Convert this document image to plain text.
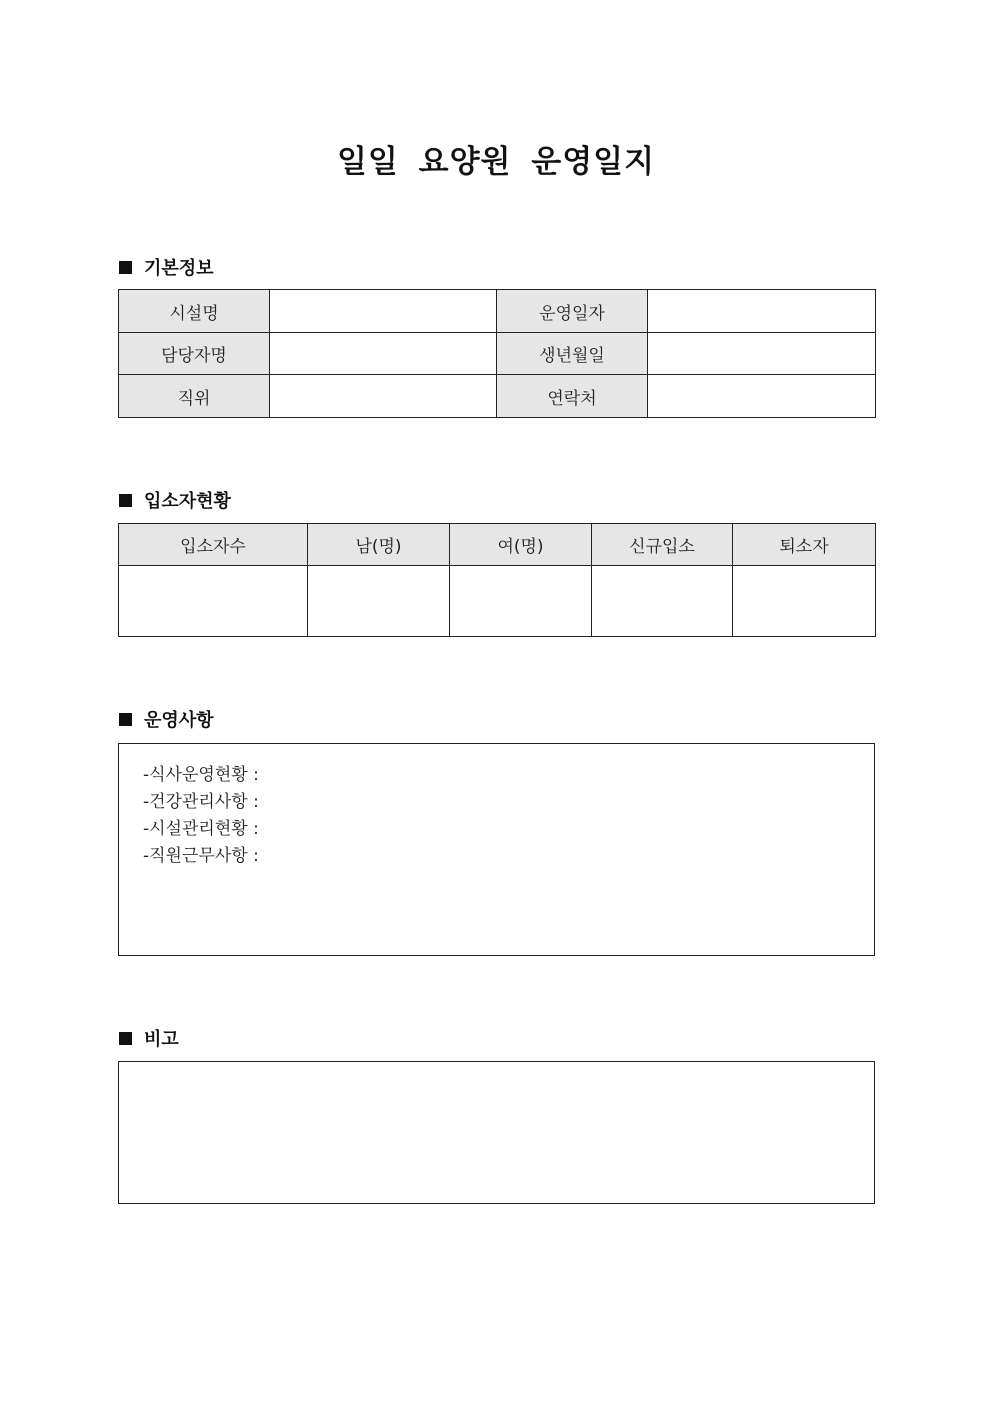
일일 요양원 운영일지
기본정보
시설명		운영일자	
담당자명		생년월일	
직위		연락처	
입소자현황
입소자수	남(명)	여(명)	신규입소	퇴소자

운영사항
-식사운영현황 :
-건강관리사항 :
-시설관리현황 :
-직원근무사항 :
비고
